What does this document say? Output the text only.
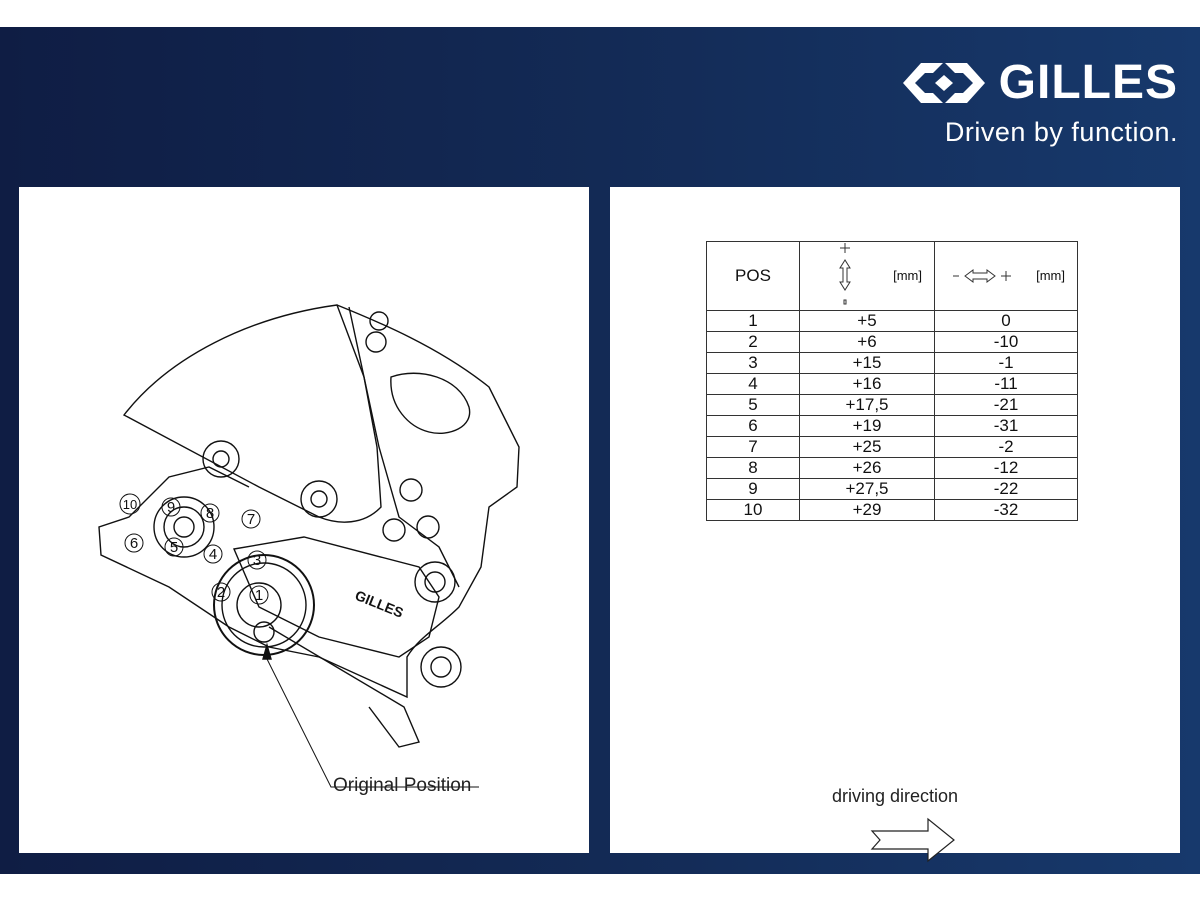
GILLES
Driven by function.
1
2
3
4
5
6
7
8
9
10
GILLES
Original Position
POS	[mm]	[mm]

1	+5	0
2	+6	-10
3	+15	-1
4	+16	-11
5	+17,5	-21
6	+19	-31
7	+25	-2
8	+26	-12
9	+27,5	-22
10	+29	-32
driving direction
